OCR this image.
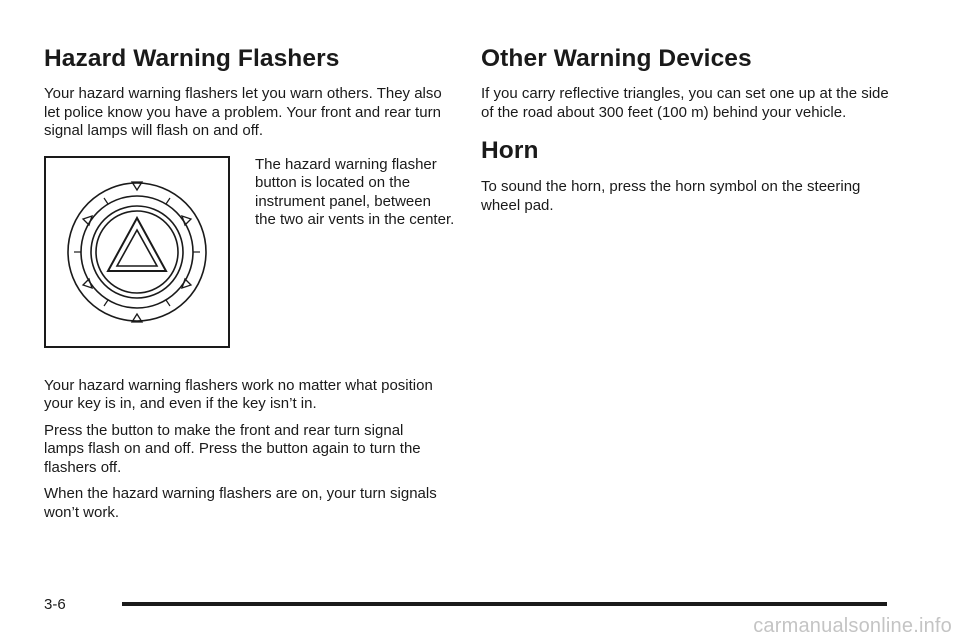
Hazard Warning Flashers

Your hazard warning flashers let you warn others. They also let police know you have a problem. Your front and rear turn signal lamps will flash on and off.

The hazard warning flasher button is located on the instrument panel, between the two air vents in the center.

Your hazard warning flashers work no matter what position your key is in, and even if the key isn’t in.

Press the button to make the front and rear turn signal lamps flash on and off. Press the button again to turn the flashers off.

When the hazard warning flashers are on, your turn signals won’t work.

Other Warning Devices

If you carry reflective triangles, you can set one up at the side of the road about 300 feet (100 m) behind your vehicle.

Horn

To sound the horn, press the horn symbol on the steering wheel pad.

3-6
carmanualsonline.info
